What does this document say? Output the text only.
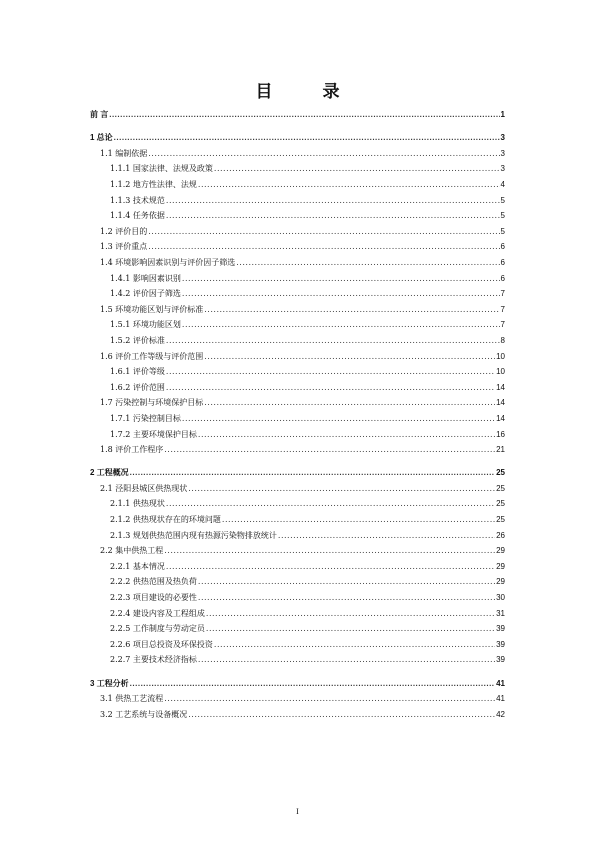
目 录
前 言 .....	1
1 总论 .....	3
1.1 编制依据 .....	3
1.1.1 国家法律、法规及政策 .....	3
1.1.2 地方性法律、法规 .....	4
1.1.3 技术规范 .....	5
1.1.4 任务依据 .....	5
1.2 评价目的 .....	5
1.3 评价重点 .....	6
1.4 环境影响因素识别与评价因子筛选 .....	6
1.4.1 影响因素识别 .....	6
1.4.2 评价因子筛选 .....	7
1.5 环境功能区划与评价标准 .....	7
1.5.1 环境功能区划 .....	7
1.5.2 评价标准 .....	8
1.6 评价工作等级与评价范围 .....	10
1.6.1 评价等级 .....	10
1.6.2 评价范围 .....	14
1.7 污染控制与环境保护目标 .....	14
1.7.1 污染控制目标 .....	14
1.7.2 主要环境保护目标 .....	16
1.8 评价工作程序 .....	21
2 工程概况 .....	25
2.1 泾阳县城区供热现状 .....	25
2.1.1 供热现状 .....	25
2.1.2 供热现状存在的环境问题 .....	25
2.1.3 规划供热范围内现有热源污染物排放统计 .....	26
2.2 集中供热工程 .....	29
2.2.1 基本情况 .....	29
2.2.2 供热范围及热负荷 .....	29
2.2.3 项目建设的必要性 .....	30
2.2.4 建设内容及工程组成 .....	31
2.2.5 工作制度与劳动定员 .....	39
2.2.6 项目总投资及环保投资 .....	39
2.2.7 主要技术经济指标 .....	39
3 工程分析 .....	41
3.1 供热工艺流程 .....	41
3.2 工艺系统与设备概况 .....	42
I
